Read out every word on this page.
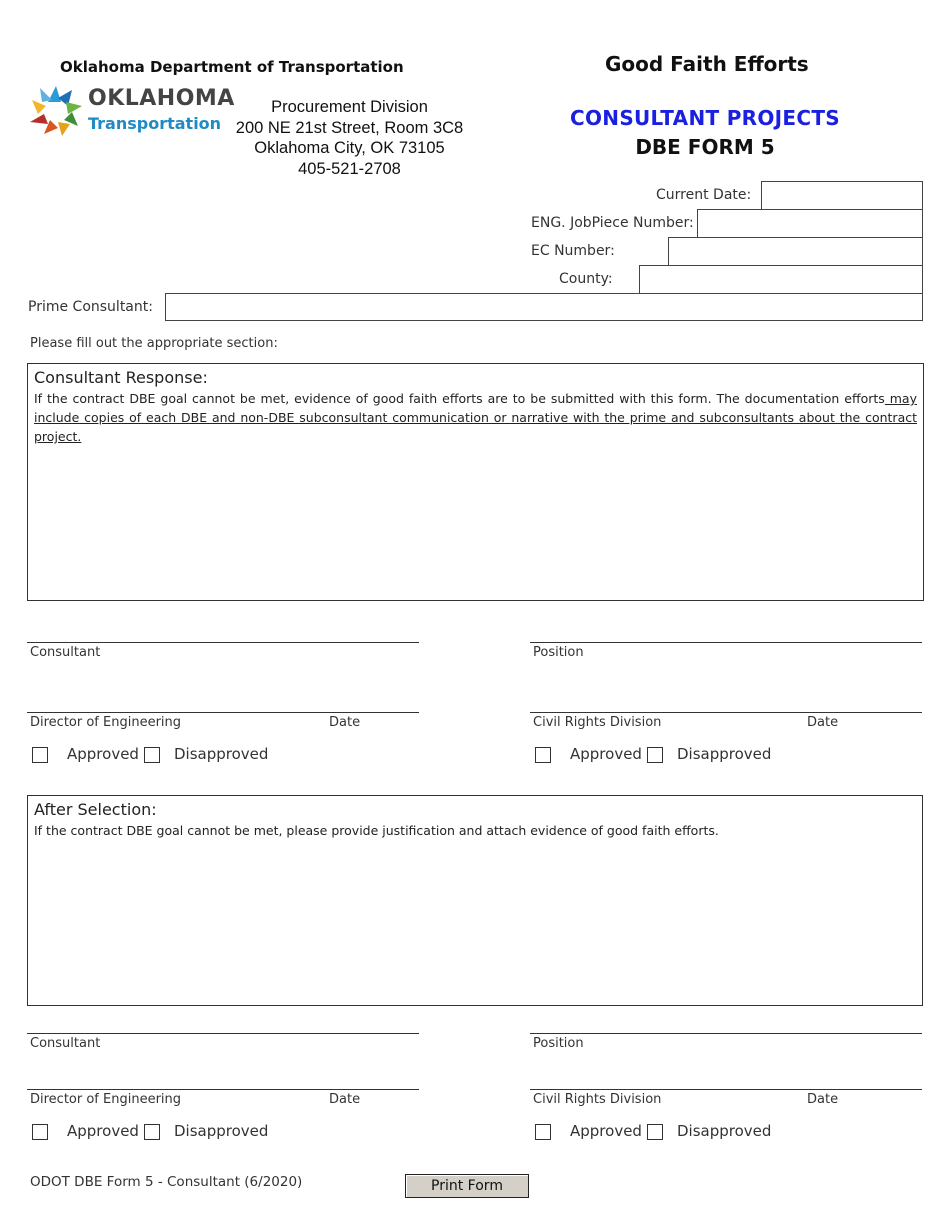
Oklahoma Department of Transportation	Good Faith Efforts
OKLAHOMA
Transportation
Procurement Division
200 NE 21st Street, Room 3C8
Oklahoma City, OK 73105
405-521-2708
CONSULTANT PROJECTS
DBE FORM 5
Current Date:
ENG. JobPiece Number:
EC Number:
County:
Prime Consultant:
Please fill out the appropriate section:
Consultant Response:
If the contract DBE goal cannot be met, evidence of good faith efforts are to be submitted with this form. The documentation efforts may include copies of each DBE and non-DBE subconsultant communication or narrative with the prime and subconsultants about the contract project.
Consultant	Position
Director of Engineering	Date	Civil Rights Division	Date
Approved Disapproved	Approved Disapproved
After Selection:
If the contract DBE goal cannot be met, please provide justification and attach evidence of good faith efforts.
Consultant	Position
Director of Engineering	Date	Civil Rights Division	Date
Approved Disapproved	Approved Disapproved
ODOT DBE Form 5 - Consultant (6/2020)	Print Form
